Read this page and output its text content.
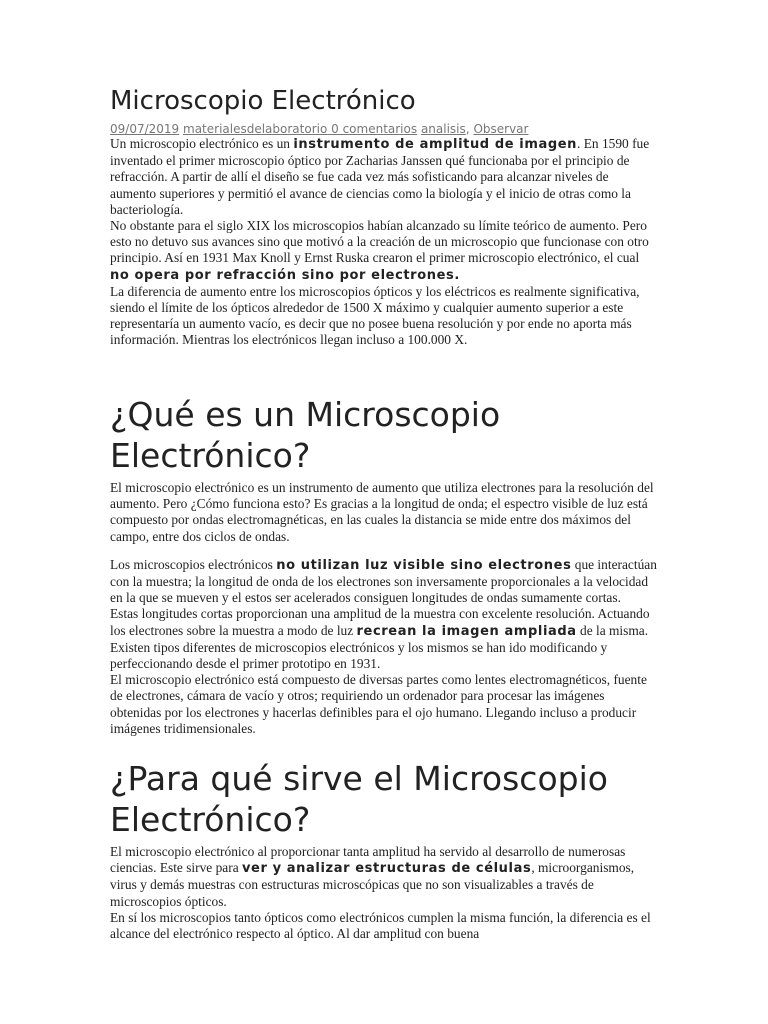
Microscopio Electrónico
09/07/2019 materialesdelaboratorio 0 comentarios analisis, Observar

Un microscopio electrónico es un instrumento de amplitud de imagen. En 1590 fue inventado el primer microscopio óptico por Zacharias Janssen qué funcionaba por el principio de refracción. A partir de allí el diseño se fue cada vez más sofisticando para alcanzar niveles de aumento superiores y permitió el avance de ciencias como la biología y el inicio de otras como la bacteriología.

No obstante para el siglo XIX los microscopios habían alcanzado su límite teórico de aumento. Pero esto no detuvo sus avances sino que motivó a la creación de un microscopio que funcionase con otro principio. Así en 1931 Max Knoll y Ernst Ruska crearon el primer microscopio electrónico, el cual no opera por refracción sino por electrones.

La diferencia de aumento entre los microscopios ópticos y los eléctricos es realmente significativa, siendo el límite de los ópticos alrededor de 1500 X máximo y cualquier aumento superior a este representaría un aumento vacío, es decir que no posee buena resolución y por ende no aporta más información. Mientras los electrónicos llegan incluso a 100.000 X.

¿Qué es un Microscopio Electrónico?

El microscopio electrónico es un instrumento de aumento que utiliza electrones para la resolución del aumento. Pero ¿Cómo funciona esto? Es gracias a la longitud de onda; el espectro visible de luz está compuesto por ondas electromagnéticas, en las cuales la distancia se mide entre dos máximos del campo, entre dos ciclos de ondas.

Los microscopios electrónicos no utilizan luz visible sino electrones que interactúan con la muestra; la longitud de onda de los electrones son inversamente proporcionales a la velocidad en la que se mueven y el estos ser acelerados consiguen longitudes de ondas sumamente cortas.

Estas longitudes cortas proporcionan una amplitud de la muestra con excelente resolución. Actuando los electrones sobre la muestra a modo de luz recrean la imagen ampliada de la misma. Existen tipos diferentes de microscopios electrónicos y los mismos se han ido modificando y perfeccionando desde el primer prototipo en 1931.

El microscopio electrónico está compuesto de diversas partes como lentes electromagnéticos, fuente de electrones, cámara de vacío y otros; requiriendo un ordenador para procesar las imágenes obtenidas por los electrones y hacerlas definibles para el ojo humano. Llegando incluso a producir imágenes tridimensionales.

¿Para qué sirve el Microscopio Electrónico?

El microscopio electrónico al proporcionar tanta amplitud ha servido al desarrollo de numerosas ciencias. Este sirve para ver y analizar estructuras de células, microorganismos, virus y demás muestras con estructuras microscópicas que no son visualizables a través de microscopios ópticos.

En sí los microscopios tanto ópticos como electrónicos cumplen la misma función, la diferencia es el alcance del electrónico respecto al óptico. Al dar amplitud con buena
